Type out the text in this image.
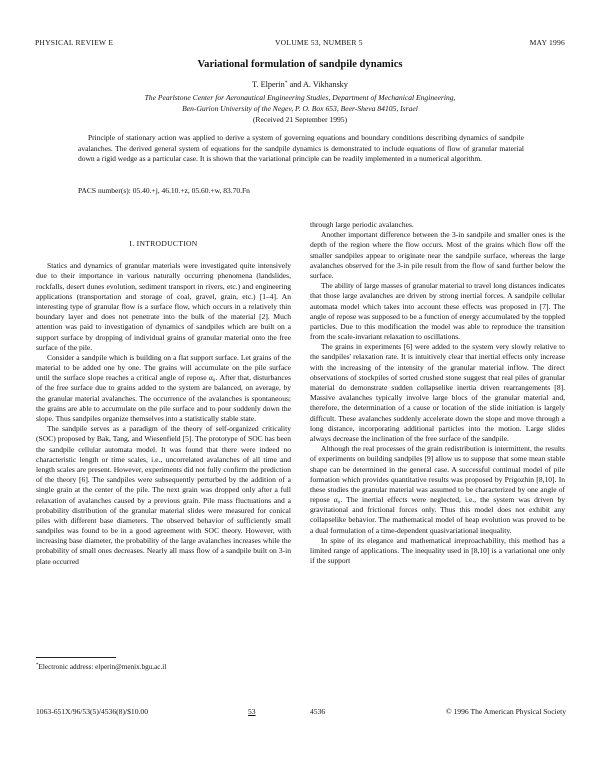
PHYSICAL REVIEW E	VOLUME 53, NUMBER 5	MAY 1996
Variational formulation of sandpile dynamics
T. Elperin* and A. Vikhansky
The Pearlstone Center for Aeronautical Engineering Studies, Department of Mechanical Engineering,
Ben-Gurion University of the Negev, P. O. Box 653, Beer-Sheva 84105, Israel
(Received 21 September 1995)
Principle of stationary action was applied to derive a system of governing equations and boundary conditions describing dynamics of sandpile avalanches. The derived general system of equations for the sandpile dynamics is demonstrated to include equations of flow of granular material down a rigid wedge as a particular case. It is shown that the variational principle can be readily implemented in a numerical algorithm.
PACS number(s): 05.40.+j, 46.10.+z, 05.60.+w, 83.70.Fn

I. INTRODUCTION

Statics and dynamics of granular materials were investigated quite intensively due to their importance in various naturally occurring phenomena (landslides, rockfalls, desert dunes evolution, sediment transport in rivers, etc.) and engineering applications (transportation and storage of coal, gravel, grain, etc.) [1–4]. An interesting type of granular flow is a surface flow, which occurs in a relatively thin boundary layer and does not penetrate into the bulk of the material [2]. Much attention was paid to investigation of dynamics of sandpiles which are built on a support surface by dropping of individual grains of granular material onto the free surface of the pile.

Consider a sandpile which is building on a flat support surface. Let grains of the material to be added one by one. The grains will accumulate on the pile surface until the surface slope reaches a critical angle of repose α₀. After that, disturbances of the free surface due to grains added to the system are balanced, on average, by the granular material avalanches. The occurrence of the avalanches is spontaneous; the grains are able to accumulate on the pile surface and to pour suddenly down the slope. Thus sandpiles organize themselves into a statistically stable state.

The sandpile serves as a paradigm of the theory of self-organized criticality (SOC) proposed by Bak, Tang, and Wiesenfield [5]. The prototype of SOC has been the sandpile cellular automata model. It was found that there were indeed no characteristic length or time scales, i.e., uncorrelated avalanches of all time and length scales are present. However, experiments did not fully confirm the prediction of the theory [6]. The sandpiles were subsequently perturbed by the addition of a single grain at the center of the pile. The next grain was dropped only after a full relaxation of avalanches caused by a previous grain. Pile mass fluctuations and a probability distribution of the granular material slides were measured for conical piles with different base diameters. The observed behavior of sufficiently small sandpiles was found to be in a good agreement with SOC theory. However, with increasing base diameter, the probability of the large avalanches increases while the probability of small ones decreases. Nearly all mass flow of a sandpile built on 3-in plate occurred

through large periodic avalanches.

Another important difference between the 3-in sandpile and smaller ones is the depth of the region where the flow occurs. Most of the grains which flow off the smaller sandpiles appear to originate near the sandpile surface, whereas the large avalanches observed for the 3-in pile result from the flow of sand further below the surface.

The ability of large masses of granular material to travel long distances indicates that those large avalanches are driven by strong inertial forces. A sandpile cellular automata model which takes into account these effects was proposed in [7]. The angle of repose was supposed to be a function of energy accumulated by the toppled particles. Due to this modification the model was able to reproduce the transition from the scale-invariant relaxation to oscillations.

The grains in experiments [6] were added to the system very slowly relative to the sandpiles' relaxation rate. It is intuitively clear that inertial effects only increase with the increasing of the intensity of the granular material inflow. The direct observations of stockpiles of sorted crushed stone suggest that real piles of granular material do demonstrate sudden collapselike inertia driven rearrangements [8]. Massive avalanches typically involve large blocs of the granular material and, therefore, the determination of a cause or location of the slide initiation is largely difficult. These avalanches suddenly accelerate down the slope and move through a long distance, incorporating additional particles into the motion. Large slides always decrease the inclination of the free surface of the sandpile.

Although the real processes of the grain redistribution is intermittent, the results of experiments on building sandpiles [9] allow us to suppose that some mean stable shape can be determined in the general case. A successful continual model of pile formation which provides quantitative results was proposed by Prigozhin [8,10]. In these studies the granular material was assumed to be characterized by one angle of repose α₀. The inertial effects were neglected, i.e., the system was driven by gravitational and frictional forces only. Thus this model does not exhibit any collapselike behavior. The mathematical model of heap evolution was proved to be a dual formulation of a time-dependent quasivariational inequality.

In spite of its elegance and mathematical irreproachability, this method has a limited range of applications. The inequality used in [8,10] is a variational one only if the support

*Electronic address: elperin@menix.bgu.ac.il
1063-651X/96/53(5)/4536(8)/$10.00	53	4536	© 1996 The American Physical Society
